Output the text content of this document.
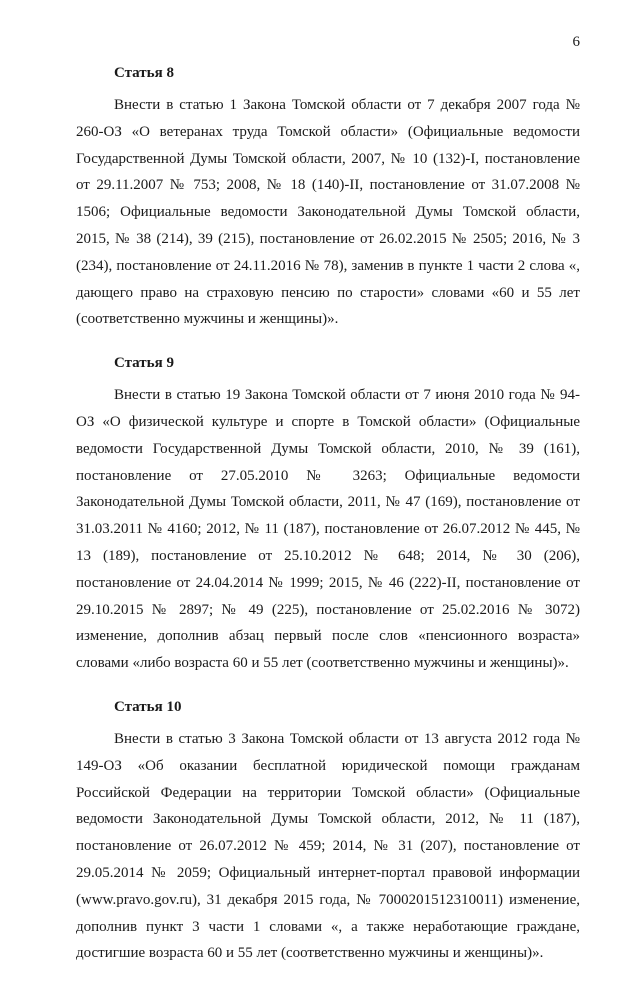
6
Статья 8

Внести в статью 1 Закона Томской области от 7 декабря 2007 года № 260-ОЗ «О ветеранах труда Томской области» (Официальные ведомости Государственной Думы Томской области, 2007, № 10 (132)-I, постановление от 29.11.2007 № 753; 2008, № 18 (140)-II, постановление от 31.07.2008 № 1506; Официальные ведомости Законодательной Думы Томской области, 2015, № 38 (214), 39 (215), постановление от 26.02.2015 № 2505; 2016, № 3 (234), постановление от 24.11.2016 № 78), заменив в пункте 1 части 2 слова «, дающего право на страховую пенсию по старости» словами «60 и 55 лет (соответственно мужчины и женщины)».

Статья 9

Внести в статью 19 Закона Томской области от 7 июня 2010 года № 94-ОЗ «О физической культуре и спорте в Томской области» (Официальные ведомости Государственной Думы Томской области, 2010, № 39 (161), постановление от 27.05.2010 № 3263; Официальные ведомости Законодательной Думы Томской области, 2011, № 47 (169), постановление от 31.03.2011 № 4160; 2012, № 11 (187), постановление от 26.07.2012 № 445, № 13 (189), постановление от 25.10.2012 № 648; 2014, № 30 (206), постановление от 24.04.2014 № 1999; 2015, № 46 (222)-II, постановление от 29.10.2015 № 2897; № 49 (225), постановление от 25.02.2016 № 3072) изменение, дополнив абзац первый после слов «пенсионного возраста» словами «либо возраста 60 и 55 лет (соответственно мужчины и женщины)».

Статья 10

Внести в статью 3 Закона Томской области от 13 августа 2012 года № 149-ОЗ «Об оказании бесплатной юридической помощи гражданам Российской Федерации на территории Томской области» (Официальные ведомости Законодательной Думы Томской области, 2012, № 11 (187), постановление от 26.07.2012 № 459; 2014, № 31 (207), постановление от 29.05.2014 № 2059; Официальный интернет-портал правовой информации (www.pravo.gov.ru), 31 декабря 2015 года, № 7000201512310011) изменение, дополнив пункт 3 части 1 словами «, а также неработающие граждане, достигшие возраста 60 и 55 лет (соответственно мужчины и женщины)».
